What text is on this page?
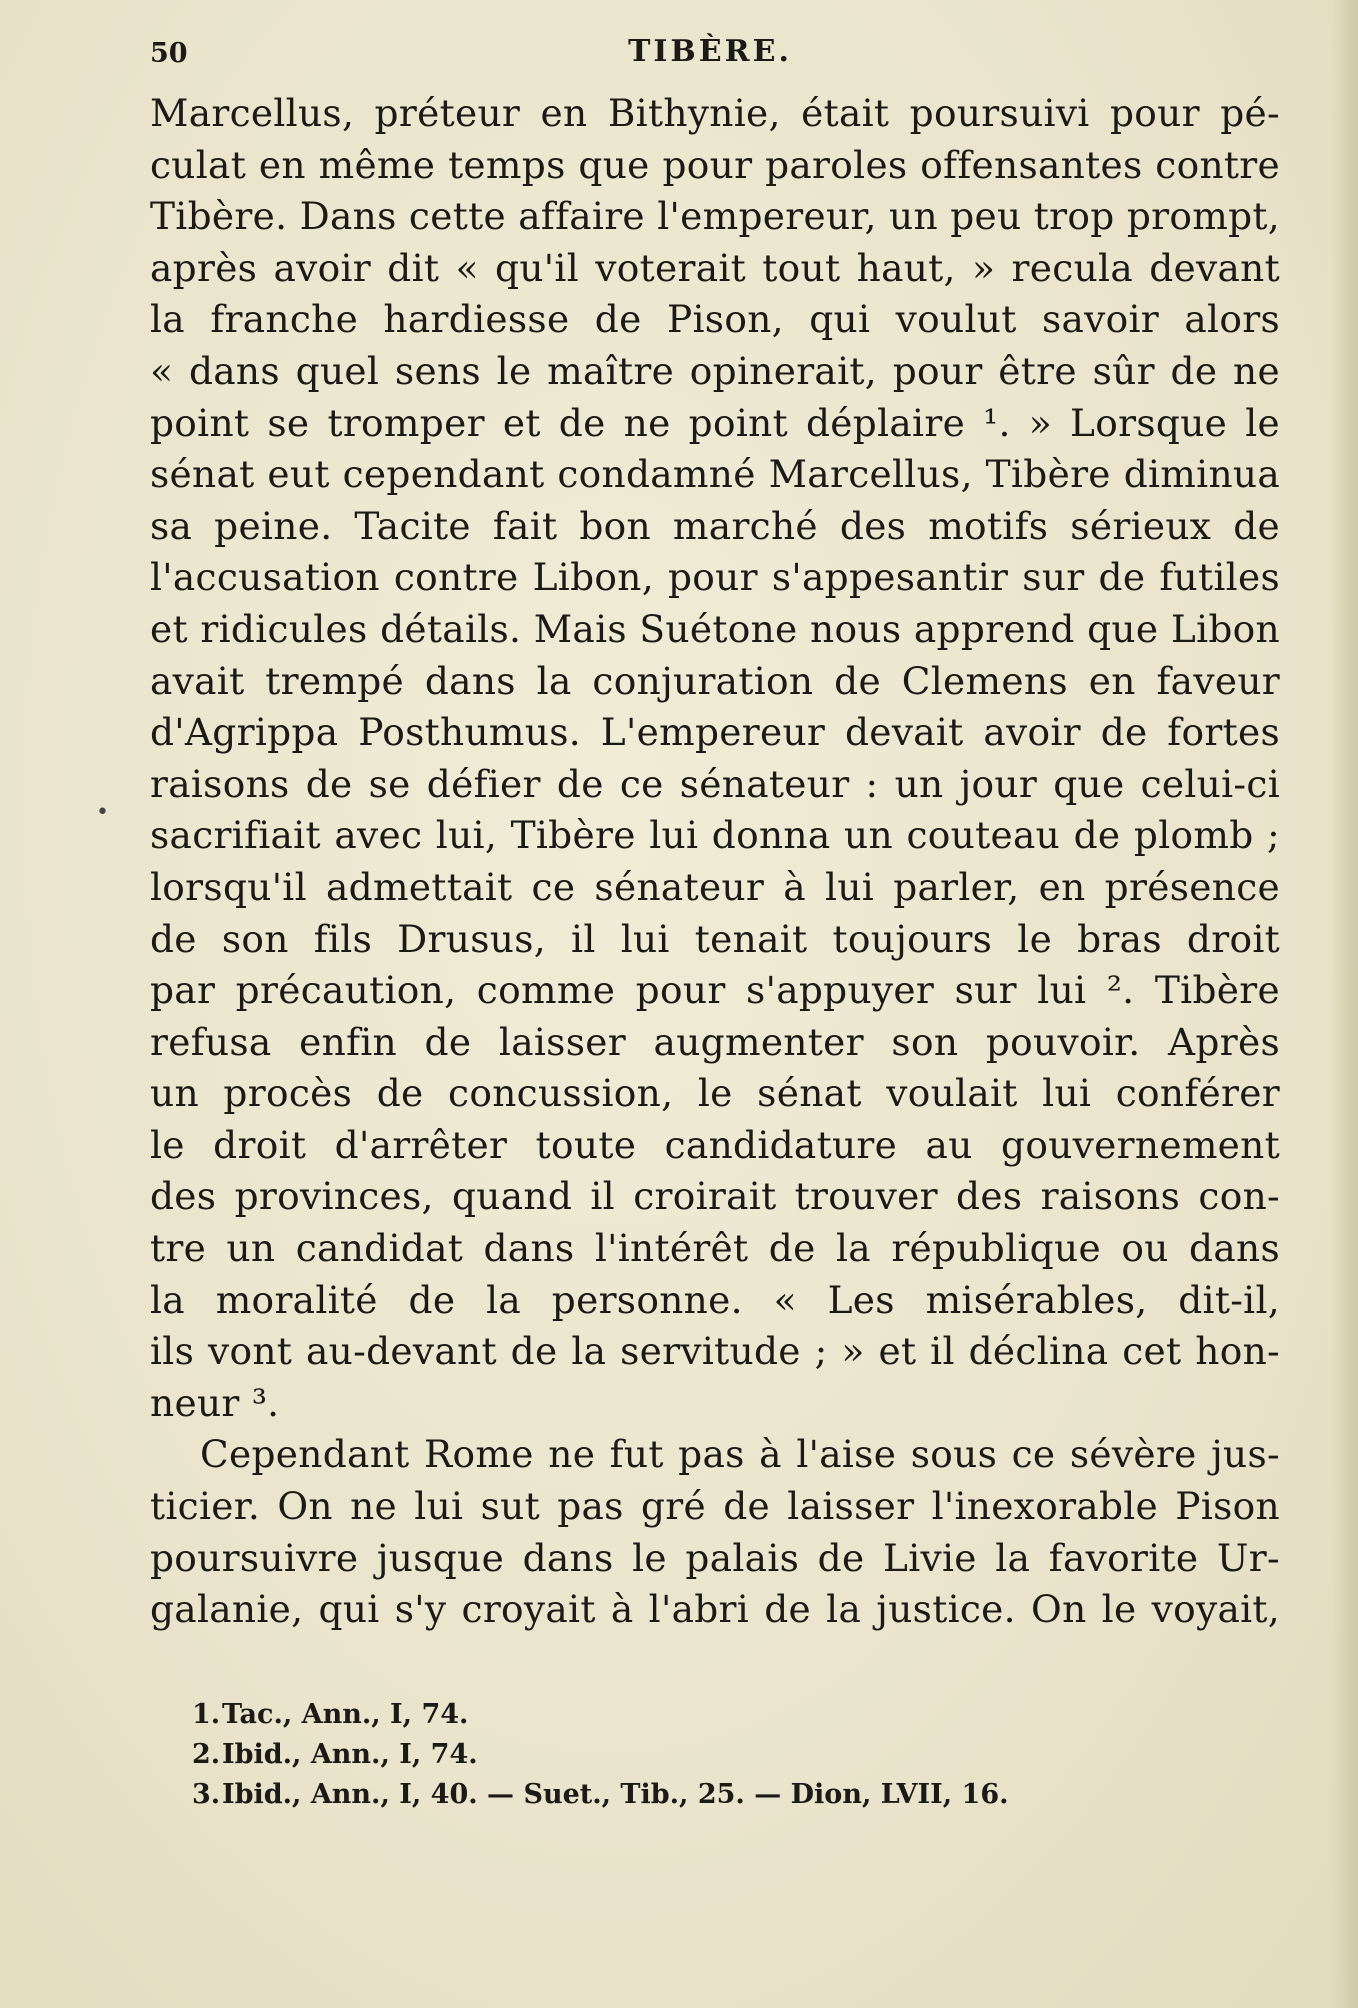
50	TIBÈRE.
Marcellus, préteur en Bithynie, était poursuivi pour pé-
culat en même temps que pour paroles offensantes contre
Tibère. Dans cette affaire l'empereur, un peu trop prompt,
après avoir dit « qu'il voterait tout haut, » recula devant
la franche hardiesse de Pison, qui voulut savoir alors
« dans quel sens le maître opinerait, pour être sûr de ne
point se tromper et de ne point déplaire ¹. » Lorsque le
sénat eut cependant condamné Marcellus, Tibère diminua
sa peine. Tacite fait bon marché des motifs sérieux de
l'accusation contre Libon, pour s'appesantir sur de futiles
et ridicules détails. Mais Suétone nous apprend que Libon
avait trempé dans la conjuration de Clemens en faveur
d'Agrippa Posthumus. L'empereur devait avoir de fortes
raisons de se défier de ce sénateur : un jour que celui-ci
sacrifiait avec lui, Tibère lui donna un couteau de plomb ;
lorsqu'il admettait ce sénateur à lui parler, en présence
de son fils Drusus, il lui tenait toujours le bras droit
par précaution, comme pour s'appuyer sur lui ². Tibère
refusa enfin de laisser augmenter son pouvoir. Après
un procès de concussion, le sénat voulait lui conférer
le droit d'arrêter toute candidature au gouvernement
des provinces, quand il croirait trouver des raisons con-
tre un candidat dans l'intérêt de la république ou dans
la moralité de la personne. « Les misérables, dit-il,
ils vont au-devant de la servitude ; » et il déclina cet hon-
neur ³.
Cependant Rome ne fut pas à l'aise sous ce sévère jus-
ticier. On ne lui sut pas gré de laisser l'inexorable Pison
poursuivre jusque dans le palais de Livie la favorite Ur-
galanie, qui s'y croyait à l'abri de la justice. On le voyait,
•
1.Tac., Ann., I, 74.
2.Ibid., Ann., I, 74.
3.Ibid., Ann., I, 40. — Suet., Tib., 25. — Dion, LVII, 16.
